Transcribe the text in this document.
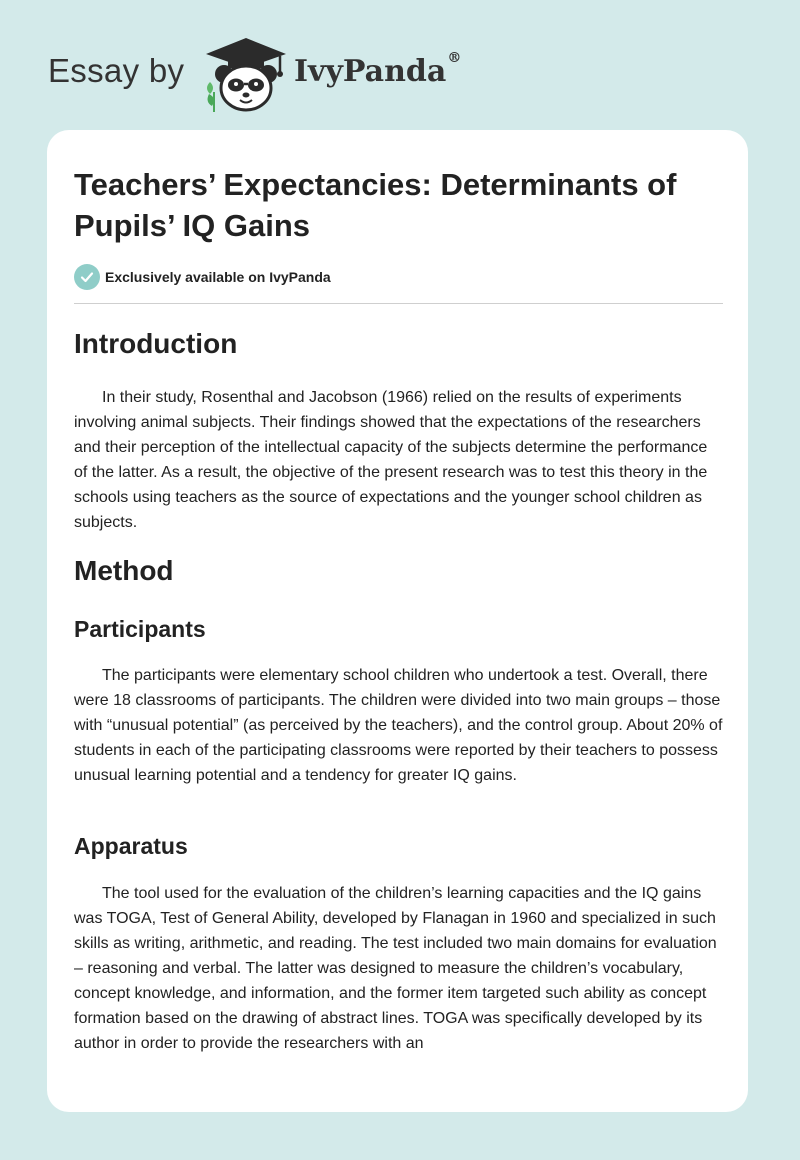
Essay by	IvyPanda®
Teachers’ Expectancies: Determinants of Pupils’ IQ Gains
Exclusively available on IvyPanda
Introduction

In their study, Rosenthal and Jacobson (1966) relied on the results of experiments involving animal subjects. Their findings showed that the expectations of the researchers and their perception of the intellectual capacity of the subjects determine the performance of the latter. As a result, the objective of the present research was to test this theory in the schools using teachers as the source of expectations and the younger school children as subjects.

Method
Participants

The participants were elementary school children who undertook a test. Overall, there were 18 classrooms of participants. The children were divided into two main groups – those with “unusual potential” (as perceived by the teachers), and the control group. About 20% of students in each of the participating classrooms were reported by their teachers to possess unusual learning potential and a tendency for greater IQ gains.

Apparatus

The tool used for the evaluation of the children’s learning capacities and the IQ gains was TOGA, Test of General Ability, developed by Flanagan in 1960 and specialized in such skills as writing, arithmetic, and reading. The test included two main domains for evaluation – reasoning and verbal. The latter was designed to measure the children’s vocabulary, concept knowledge, and information, and the former item targeted such ability as concept formation based on the drawing of abstract lines. TOGA was specifically developed by its author in order to provide the researchers with an
